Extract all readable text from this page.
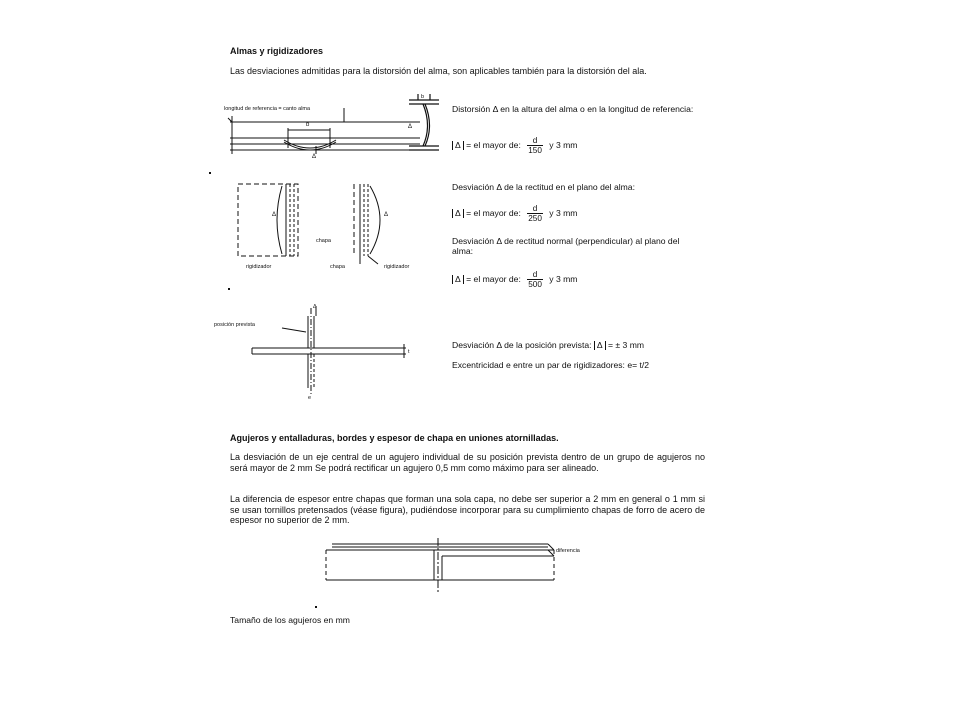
Almas y rigidizadores
Las desviaciones admitidas para la distorsión del alma, son aplicables también para la distorsión del ala.
longitud de referencia = canto alma
b
Δ
b
Δ
Distorsión Δ en la altura del alma o en la longitud de referencia:
Δ = el mayor de: $\frac{d}{150}$ y 3 mm
Δ	Δ
chapa
rigidizador	chapa	rigidizador
Desviación Δ de la rectitud en el plano del alma:
Δ = el mayor de: $\frac{d}{250}$ y 3 mm
Desviación Δ de rectitud normal (perpendicular) al plano del alma:
Δ = el mayor de: $\frac{d}{500}$ y 3 mm
posición prevista
Δ
t
e
Desviación Δ de la posición prevista: Δ = ± 3 mm
Excentricidad e entre un par de rigidizadores: e= t/2
Agujeros y entalladuras, bordes y espesor de chapa en uniones atornilladas.
La desviación de un eje central de un agujero individual de su posición prevista dentro de un grupo de agujeros no será mayor de 2 mm Se podrá rectificar un agujero 0,5 mm como máximo para ser alineado.
La diferencia de espesor entre chapas que forman una sola capa, no debe ser superior a 2 mm en general o 1 mm si se usan tornillos pretensados (véase figura), pudiéndose incorporar para su cumplimiento chapas de forro de acero de espesor no superior de 2 mm.
diferencia
Tamaño de los agujeros en mm
